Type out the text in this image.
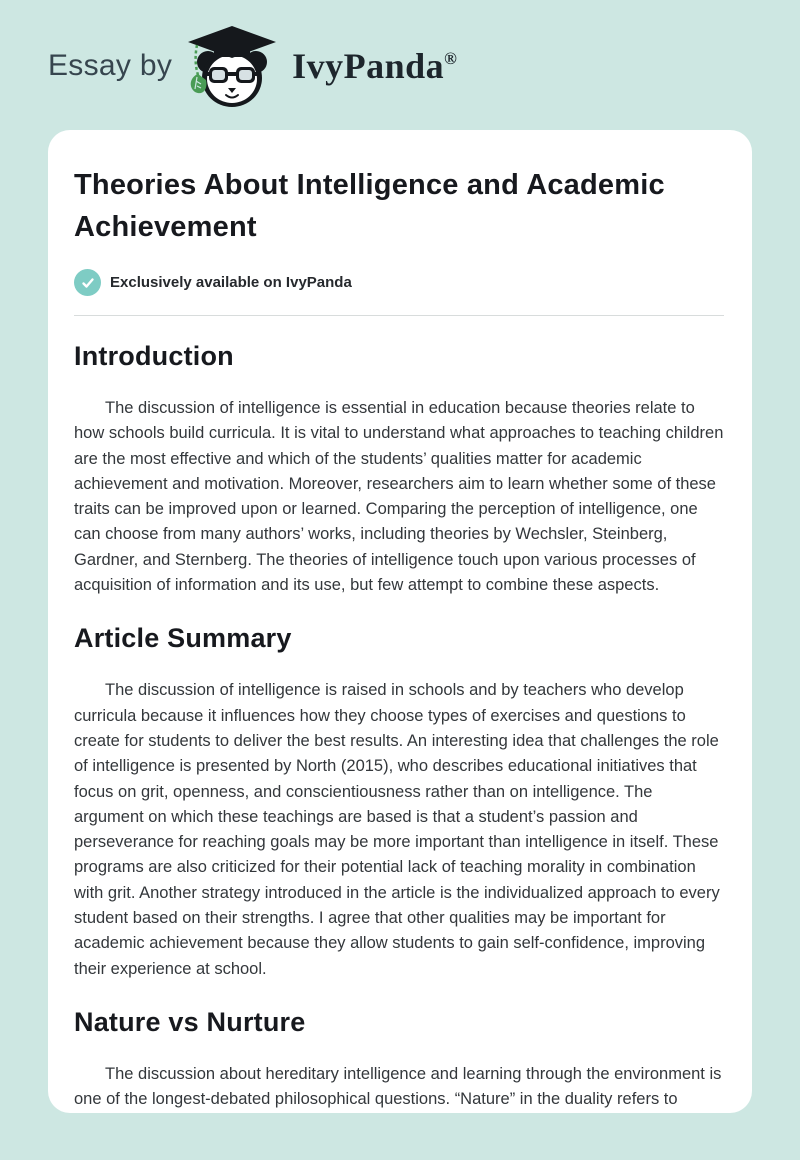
Essay by	IvyPanda®
Theories About Intelligence and Academic Achievement
Exclusively available on IvyPanda
Introduction

The discussion of intelligence is essential in education because theories relate to how schools build curricula. It is vital to understand what approaches to teaching children are the most effective and which of the students’ qualities matter for academic achievement and motivation. Moreover, researchers aim to learn whether some of these traits can be improved upon or learned. Comparing the perception of intelligence, one can choose from many authors’ works, including theories by Wechsler, Steinberg, Gardner, and Sternberg. The theories of intelligence touch upon various processes of acquisition of information and its use, but few attempt to combine these aspects.

Article Summary

The discussion of intelligence is raised in schools and by teachers who develop curricula because it influences how they choose types of exercises and questions to create for students to deliver the best results. An interesting idea that challenges the role of intelligence is presented by North (2015), who describes educational initiatives that focus on grit, openness, and conscientiousness rather than on intelligence. The argument on which these teachings are based is that a student’s passion and perseverance for reaching goals may be more important than intelligence in itself. These programs are also criticized for their potential lack of teaching morality in combination with grit. Another strategy introduced in the article is the individualized approach to every student based on their strengths. I agree that other qualities may be important for academic achievement because they allow students to gain self-confidence, improving their experience at school.

Nature vs Nurture

The discussion about hereditary intelligence and learning through the environment is one of the longest-debated philosophical questions. “Nature” in the duality refers to
